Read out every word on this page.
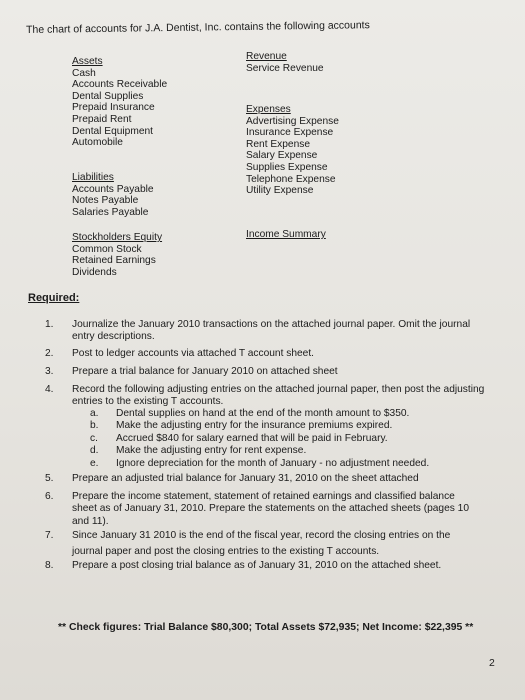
The chart of accounts for J.A. Dentist, Inc. contains the following accounts
Assets
Cash
Accounts Receivable
Dental Supplies
Prepaid Insurance
Prepaid Rent
Dental Equipment
Automobile
Revenue
Service Revenue
Expenses
Advertising Expense
Insurance Expense
Rent Expense
Salary Expense
Supplies Expense
Telephone Expense
Utility Expense
Liabilities
Accounts Payable
Notes Payable
Salaries Payable
Stockholders Equity
Common Stock
Retained Earnings
Dividends
Income Summary
Required:
1. Journalize the January 2010 transactions on the attached journal paper. Omit the journal
entry descriptions.
2. Post to ledger accounts via attached T account sheet.
3. Prepare a trial balance for January 2010 on attached sheet
4. Record the following adjusting entries on the attached journal paper, then post the adjusting
entries to the existing T accounts.
a.
b.
c.
d.
e.
Dental supplies on hand at the end of the month amount to $350.
Make the adjusting entry for the insurance premiums expired.
Accrued $840 for salary earned that will be paid in February.
Make the adjusting entry for rent expense.
Ignore depreciation for the month of January - no adjustment needed.
5. Prepare an adjusted trial balance for January 31, 2010 on the sheet attached
6. Prepare the income statement, statement of retained earnings and classified balance
sheet as of January 31, 2010. Prepare the statements on the attached sheets (pages 10
and 11).
7. Since January 31 2010 is the end of the fiscal year, record the closing entries on the
journal paper and post the closing entries to the existing T accounts.
8. Prepare a post closing trial balance as of January 31, 2010 on the attached sheet.
** Check figures: Trial Balance $80,300; Total Assets $72,935; Net Income: $22,395 **
2
